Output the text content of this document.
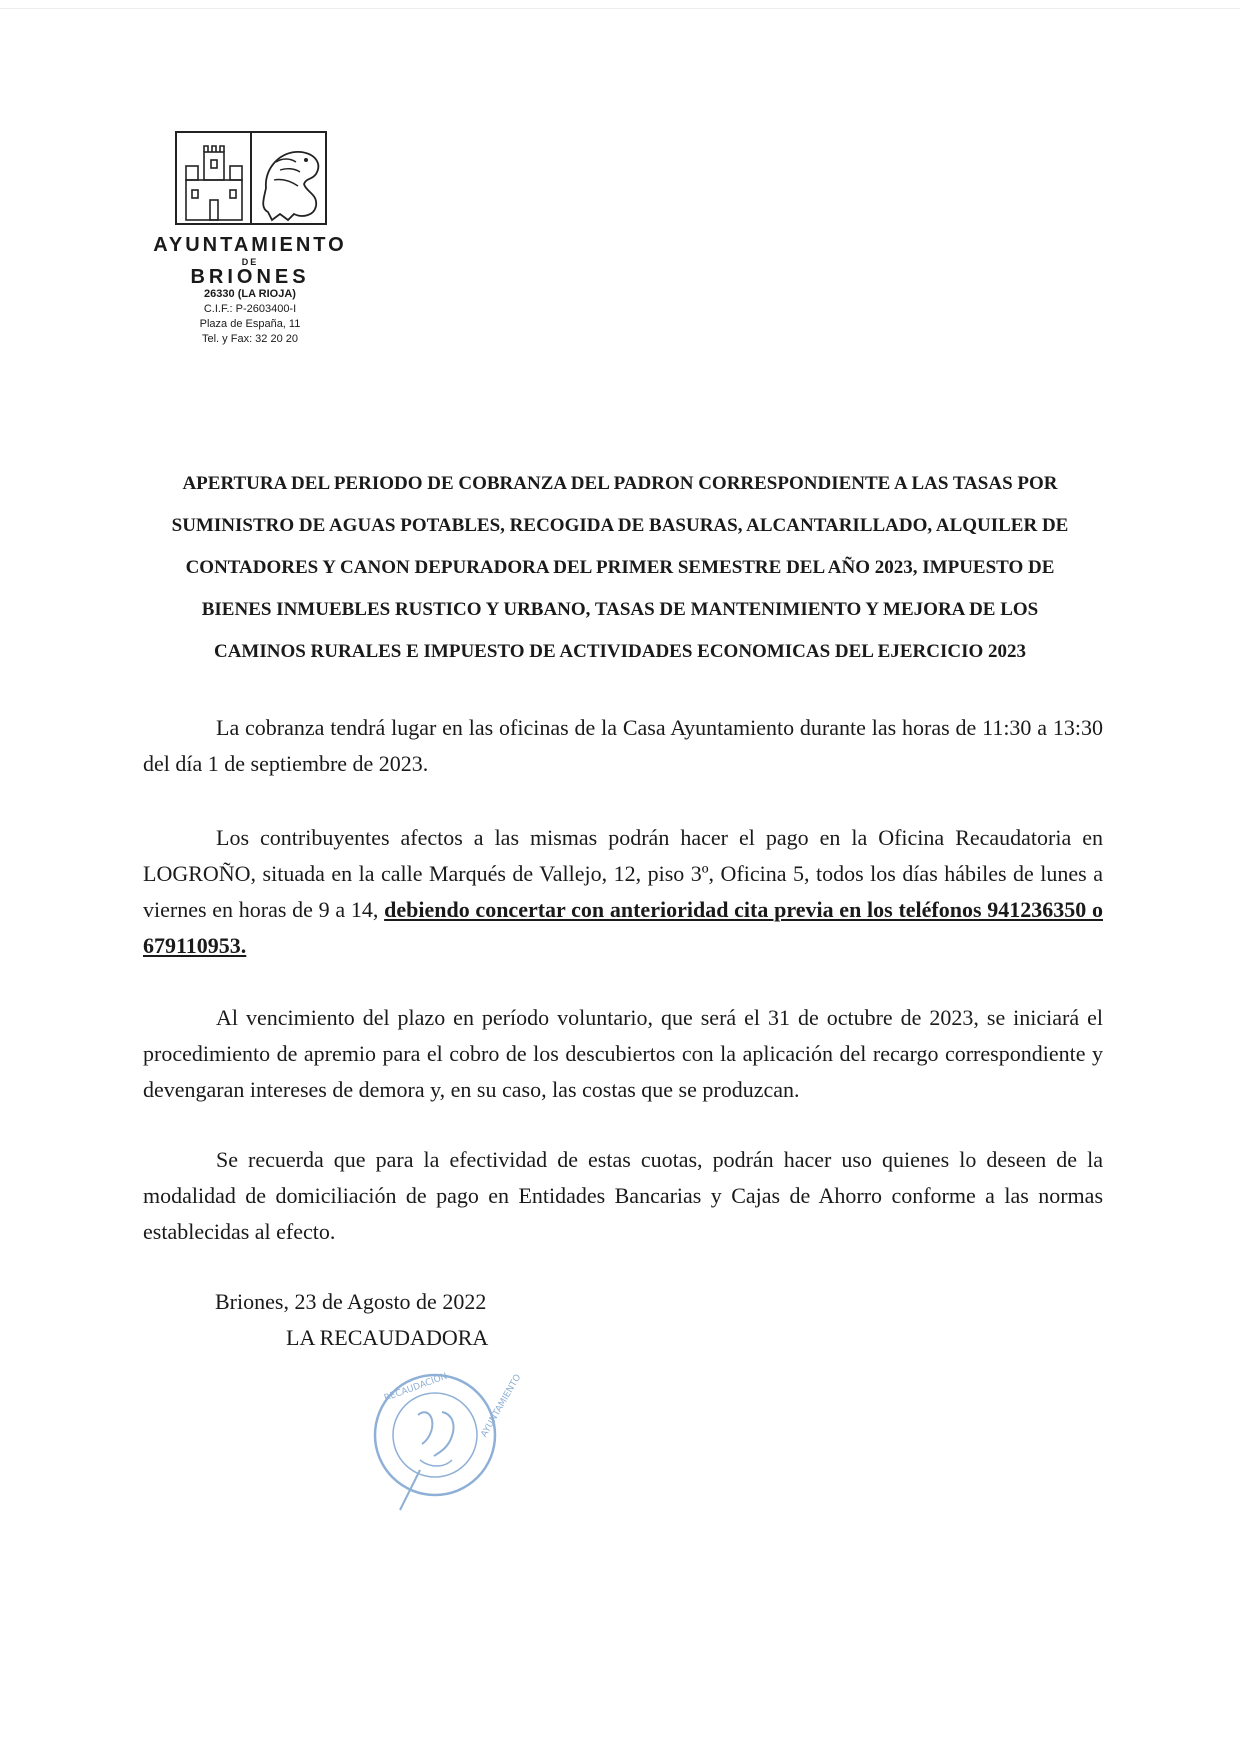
AYUNTAMIENTO
DE
BRIONES
26330 (LA RIOJA)
C.I.F.: P-2603400-I
Plaza de España, 11
Tel. y Fax: 32 20 20
APERTURA DEL PERIODO DE COBRANZA DEL PADRON CORRESPONDIENTE A LAS TASAS POR
SUMINISTRO DE AGUAS POTABLES, RECOGIDA DE BASURAS, ALCANTARILLADO, ALQUILER DE
CONTADORES Y CANON DEPURADORA DEL PRIMER SEMESTRE DEL AÑO 2023, IMPUESTO DE
BIENES INMUEBLES RUSTICO Y URBANO, TASAS DE MANTENIMIENTO Y MEJORA DE LOS
CAMINOS RURALES E IMPUESTO DE ACTIVIDADES ECONOMICAS DEL EJERCICIO 2023

La cobranza tendrá lugar en las oficinas de la Casa Ayuntamiento durante las horas de 11:30 a 13:30 del día 1 de septiembre de 2023.

Los contribuyentes afectos a las mismas podrán hacer el pago en la Oficina Recaudatoria en LOGROÑO, situada en la calle Marqués de Vallejo, 12, piso 3º, Oficina 5, todos los días hábiles de lunes a viernes en horas de 9 a 14, debiendo concertar con anterioridad cita previa en los teléfonos 941236350 o 679110953.

Al vencimiento del plazo en período voluntario, que será el 31 de octubre de 2023, se iniciará el procedimiento de apremio para el cobro de los descubiertos con la aplicación del recargo correspondiente y devengaran intereses de demora y, en su caso, las costas que se produzcan.

Se recuerda que para la efectividad de estas cuotas, podrán hacer uso quienes lo deseen de la modalidad de domiciliación de pago en Entidades Bancarias y Cajas de Ahorro conforme a las normas establecidas al efecto.

Briones, 23 de Agosto de 2022
LA RECAUDADORA
RECAUDACION	AYUNTAMIENTO
